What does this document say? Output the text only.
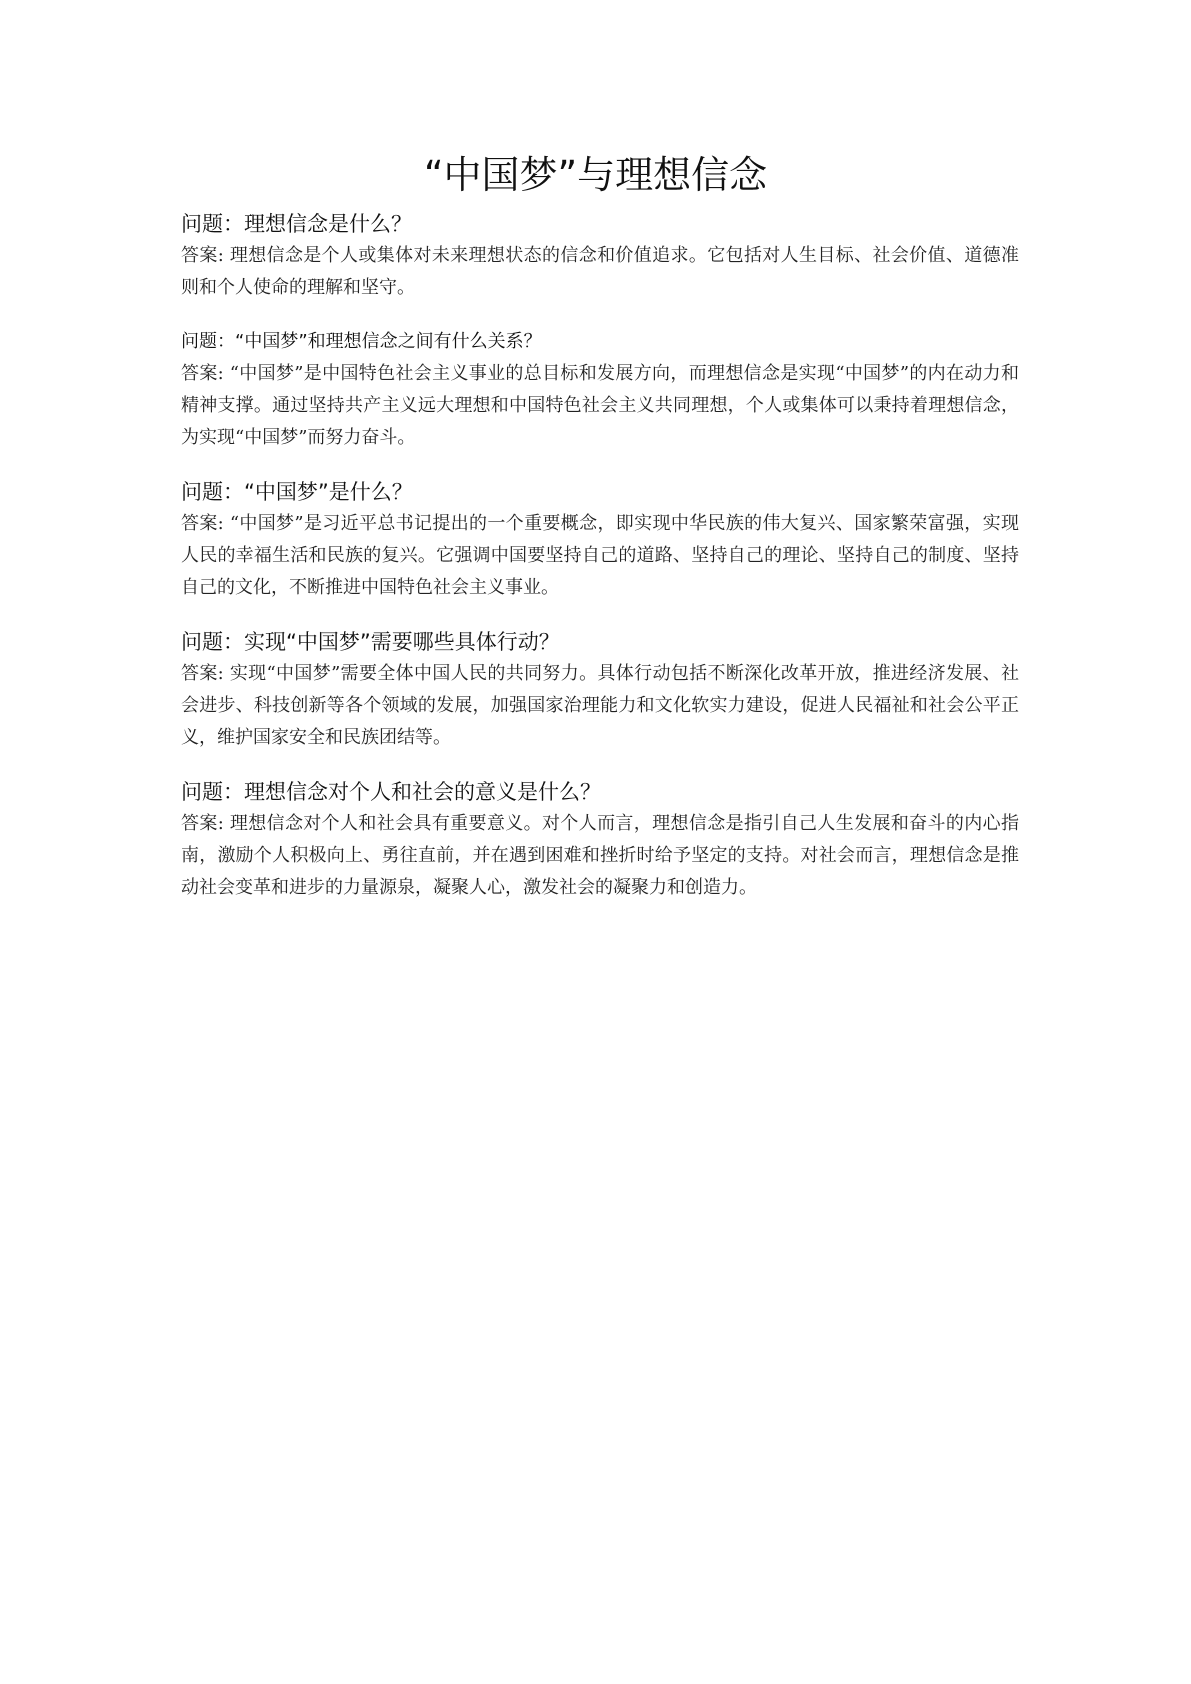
“中国梦”与理想信念

问题：理想信念是什么？

答案: 理想信念是个人或集体对未来理想状态的信念和价值追求。它包括对人生目标、社会价值、道德准则和个人使命的理解和坚守。

问题：“中国梦”和理想信念之间有什么关系？

答案: “中国梦”是中国特色社会主义事业的总目标和发展方向，而理想信念是实现“中国梦”的内在动力和精神支撑。通过坚持共产主义远大理想和中国特色社会主义共同理想，个人或集体可以秉持着理想信念，为实现“中国梦”而努力奋斗。

问题：“中国梦”是什么？

答案: “中国梦”是习近平总书记提出的一个重要概念，即实现中华民族的伟大复兴、国家繁荣富强，实现人民的幸福生活和民族的复兴。它强调中国要坚持自己的道路、坚持自己的理论、坚持自己的制度、坚持自己的文化，不断推进中国特色社会主义事业。

问题：实现“中国梦”需要哪些具体行动？

答案: 实现“中国梦”需要全体中国人民的共同努力。具体行动包括不断深化改革开放，推进经济发展、社会进步、科技创新等各个领域的发展，加强国家治理能力和文化软实力建设，促进人民福祉和社会公平正义，维护国家安全和民族团结等。

问题：理想信念对个人和社会的意义是什么？

答案: 理想信念对个人和社会具有重要意义。对个人而言，理想信念是指引自己人生发展和奋斗的内心指南，激励个人积极向上、勇往直前，并在遇到困难和挫折时给予坚定的支持。对社会而言，理想信念是推动社会变革和进步的力量源泉，凝聚人心，激发社会的凝聚力和创造力。
